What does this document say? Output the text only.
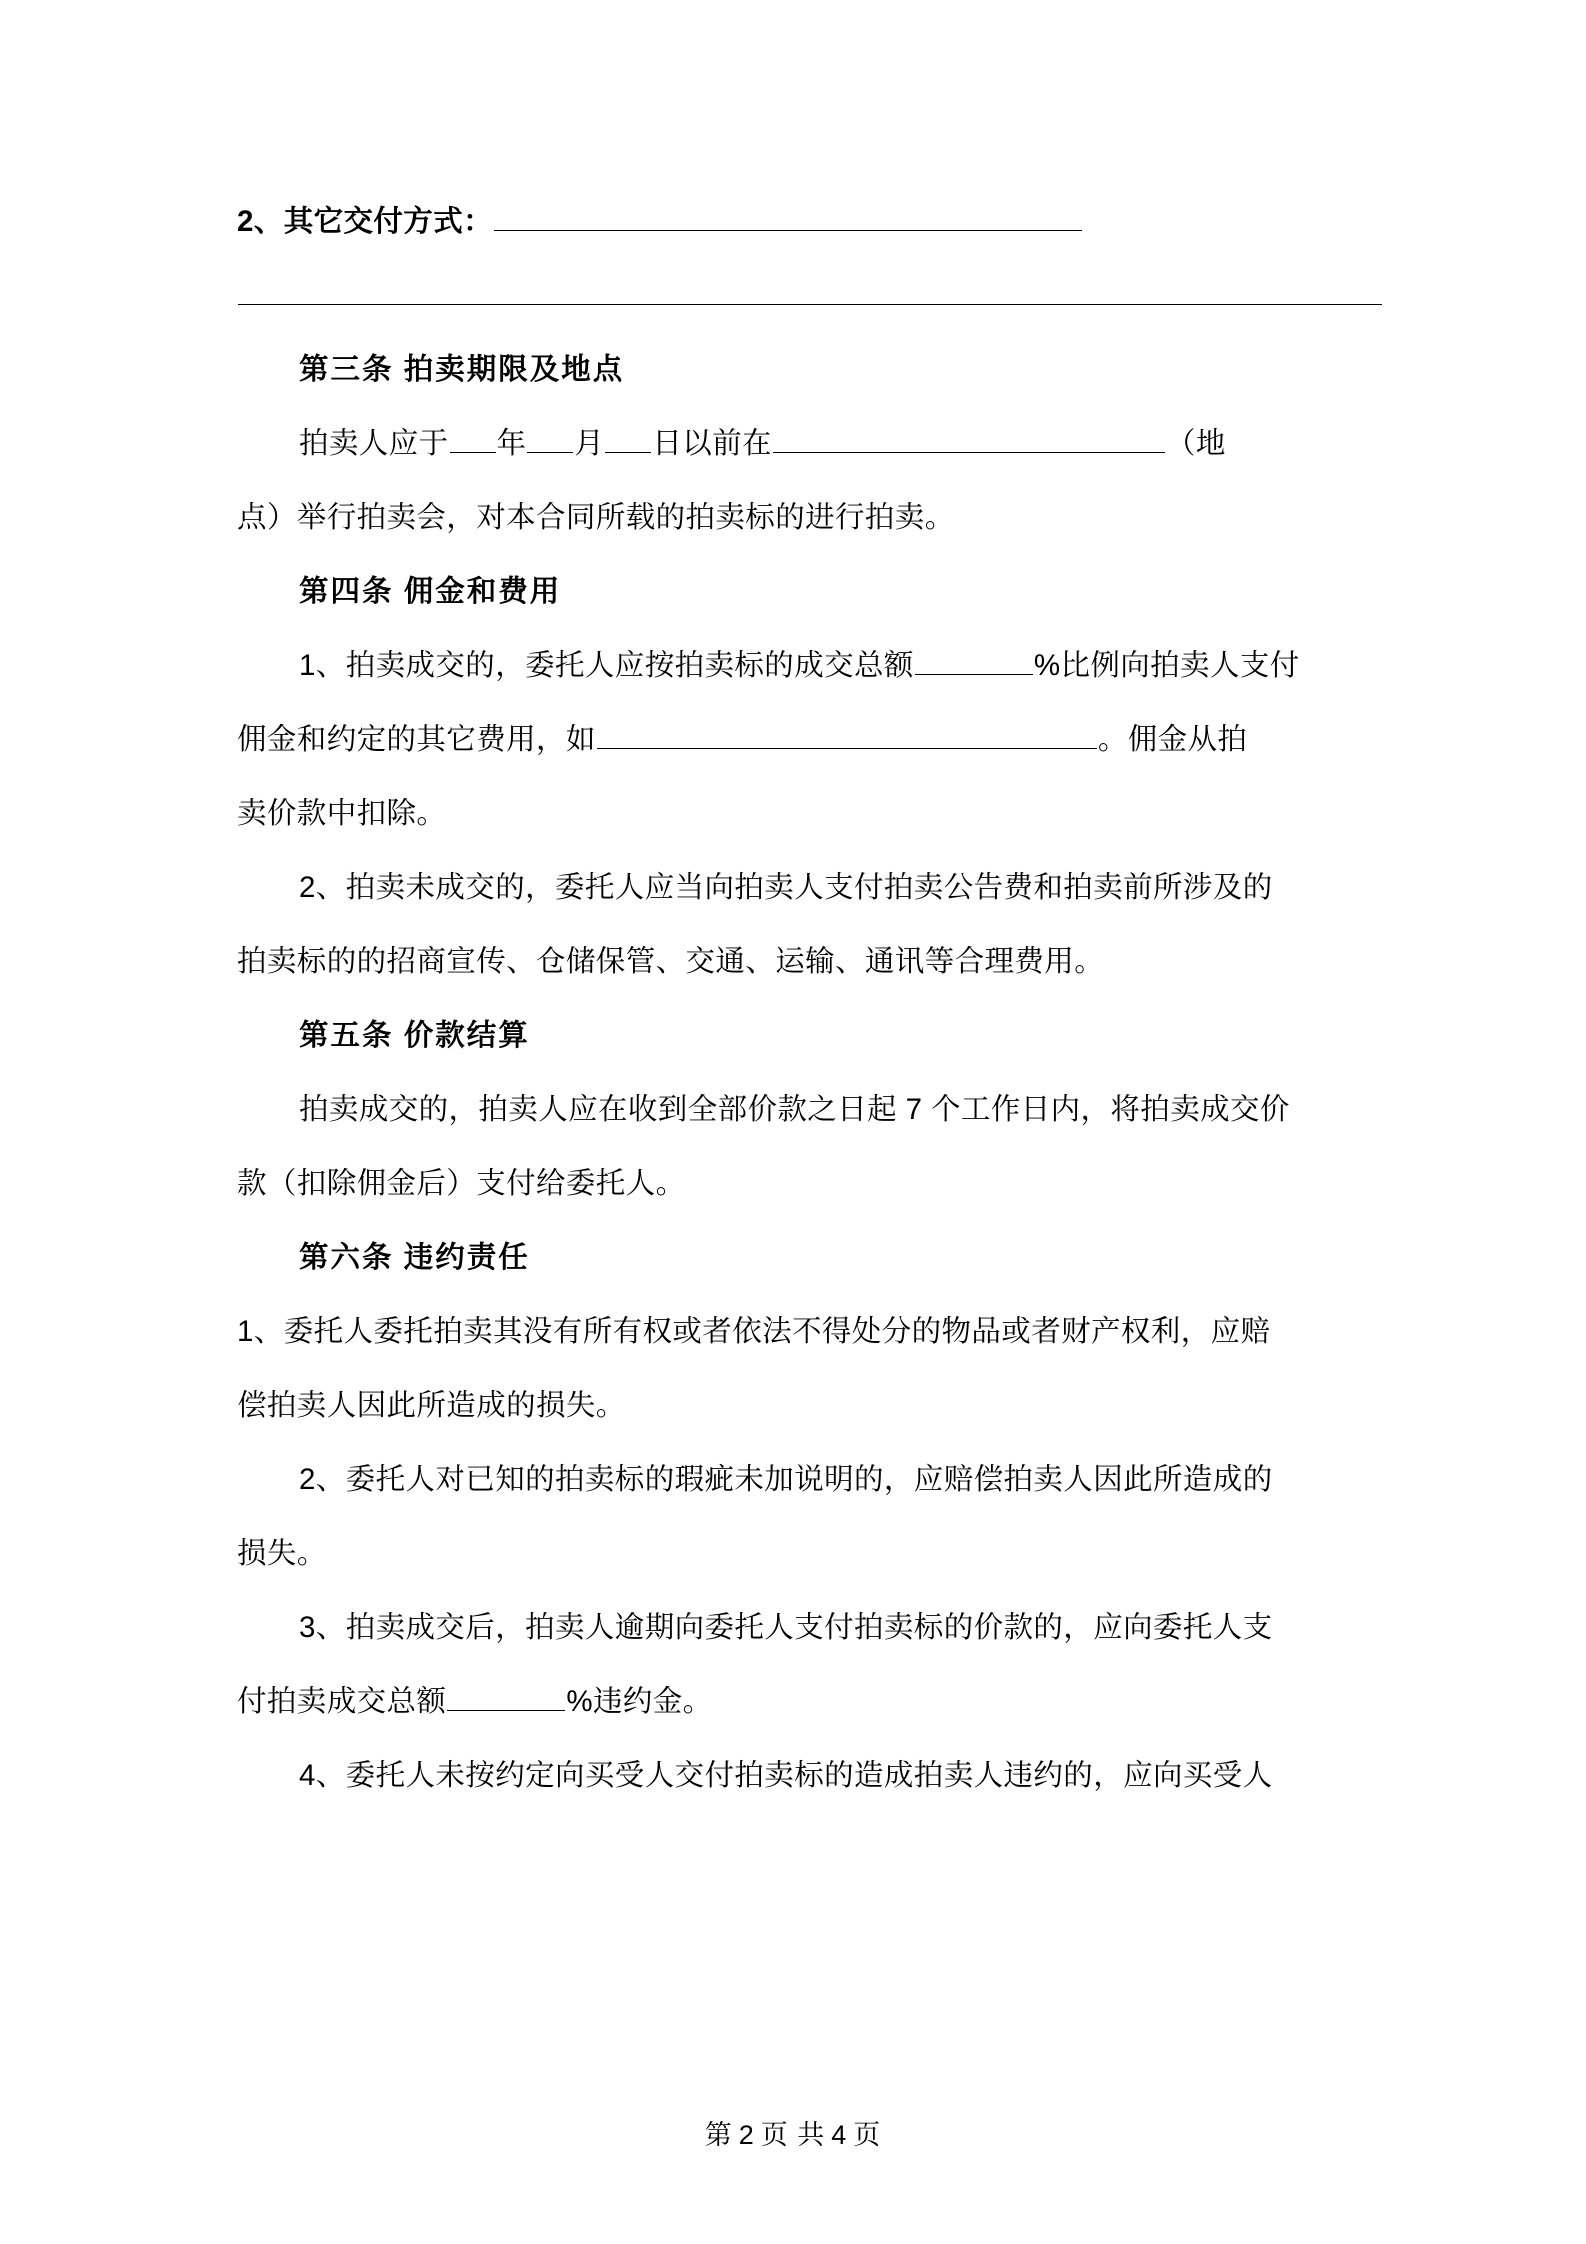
2、其它交付方式：
第三条 拍卖期限及地点
拍卖人应于 年 月 日以前在	（地
点）举行拍卖会，对本合同所载的拍卖标的进行拍卖。
第四条 佣金和费用
1、拍卖成交的，委托人应按拍卖标的成交总额	%比例向拍卖人支付
佣金和约定的其它费用，如	。佣金从拍
卖价款中扣除。
2、拍卖未成交的，委托人应当向拍卖人支付拍卖公告费和拍卖前所涉及的
拍卖标的的招商宣传、仓储保管、交通、运输、通讯等合理费用。
第五条 价款结算
拍卖成交的，拍卖人应在收到全部价款之日起 7 个工作日内，将拍卖成交价
款（扣除佣金后）支付给委托人。
第六条 违约责任
1、委托人委托拍卖其没有所有权或者依法不得处分的物品或者财产权利，应赔
偿拍卖人因此所造成的损失。
2、委托人对已知的拍卖标的瑕疵未加说明的，应赔偿拍卖人因此所造成的
损失。
3、拍卖成交后，拍卖人逾期向委托人支付拍卖标的价款的，应向委托人支
付拍卖成交总额	%违约金。
4、委托人未按约定向买受人交付拍卖标的造成拍卖人违约的，应向买受人
第 2 页 共 4 页
